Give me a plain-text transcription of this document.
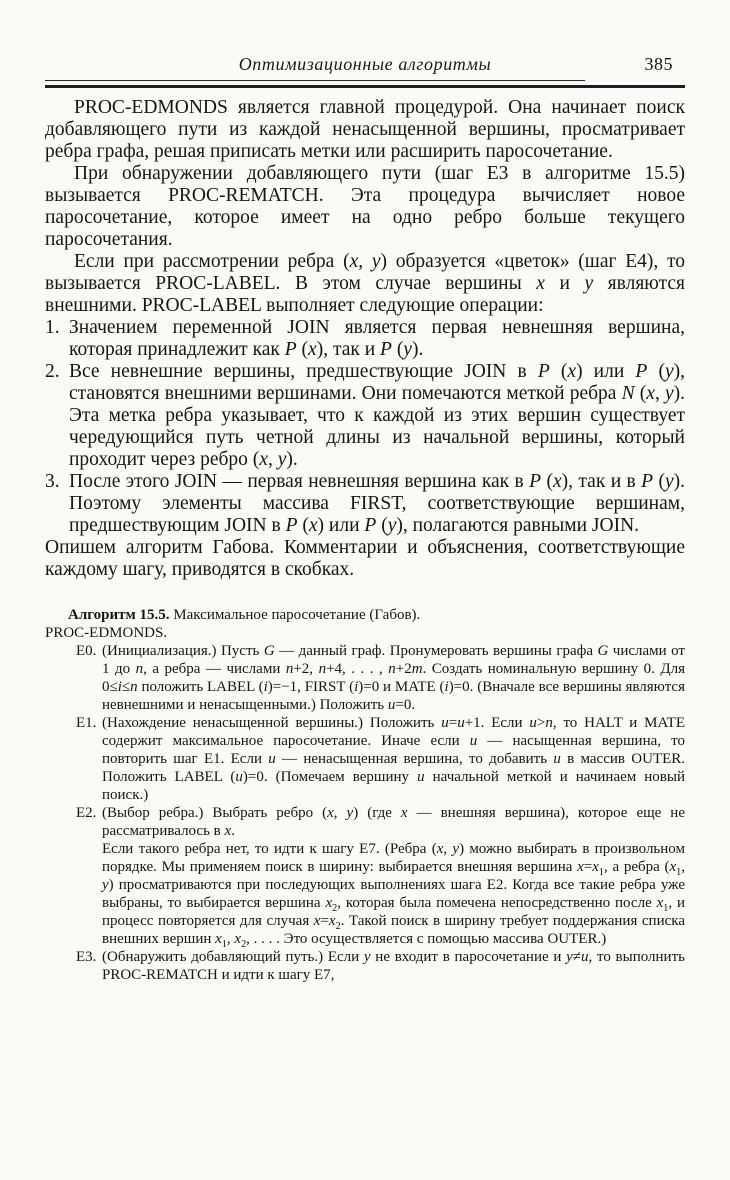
Оптимизационные алгоритмы	385

PROC-EDMONDS является главной процедурой. Она начинает поиск добавляющего пути из каждой ненасыщенной вершины, просматривает ребра графа, решая приписать метки или расширить паросочетание.

При обнаружении добавляющего пути (шаг Е3 в алгоритме 15.5) вызывается PROC-REMATCH. Эта процедура вычисляет новое паросочетание, которое имеет на одно ребро больше текущего паросочетания.

Если при рассмотрении ребра (x, y) образуется «цветок» (шаг Е4), то вызывается PROC-LABEL. В этом случае вершины x и y являются внешними. PROC-LABEL выполняет следующие операции:

1. Значением переменной JOIN является первая невнешняя вершина, которая принадлежит как P (x), так и P (y).

2. Все невнешние вершины, предшествующие JOIN в P (x) или P (y), становятся внешними вершинами. Они помечаются меткой ребра N (x, y). Эта метка ребра указывает, что к каждой из этих вершин существует чередующийся путь четной длины из начальной вершины, который проходит через ребро (x, y).

3. После этого JOIN — первая невнешняя вершина как в P (x), так и в P (y). Поэтому элементы массива FIRST, соответствующие вершинам, предшествующим JOIN в P (x) или P (y), полагаются равными JOIN.

Опишем алгоритм Габова. Комментарии и объяснения, соответствующие каждому шагу, приводятся в скобках.

Алгоритм 15.5. Максимальное паросочетание (Габов).

PROC-EDMONDS.

Е0. (Инициализация.) Пусть G — данный граф. Пронумеровать вершины графа G числами от 1 до n, а ребра — числами n+2, n+4, . . . , n+2m. Создать номинальную вершину 0. Для 0≤i≤n положить LABEL (i)=−1, FIRST (i)=0 и MATE (i)=0. (Вначале все вершины являются невнешними и ненасыщенными.) Положить u=0.

Е1. (Нахождение ненасыщенной вершины.) Положить u=u+1. Если u>n, то HALT и MATE содержит максимальное паросочетание. Иначе если u — насыщенная вершина, то повторить шаг Е1. Если u — ненасыщенная вершина, то добавить u в массив OUTER. Положить LABEL (u)=0. (Помечаем вершину u начальной меткой и начинаем новый поиск.)

Е2. (Выбор ребра.) Выбрать ребро (x, y) (где x — внешняя вершина), которое еще не рассматривалось в x.

Если такого ребра нет, то идти к шагу Е7. (Ребра (x, y) можно выбирать в произвольном порядке. Мы применяем поиск в ширину: выбирается внешняя вершина $x=x_1$, а ребра ($x_1$, y) просматриваются при последующих выполнениях шага Е2. Когда все такие ребра уже выбраны, то выбирается вершина $x_2$, которая была помечена непосредственно после $x_1$, и процесс повторяется для случая $x=x_2$. Такой поиск в ширину требует поддержания списка внешних вершин $x_1$, $x_2$, . . . . Это осуществляется с помощью массива OUTER.)

Е3. (Обнаружить добавляющий путь.) Если y не входит в паросочетание и y≠u, то выполнить PROC-REMATCH и идти к шагу Е7,
